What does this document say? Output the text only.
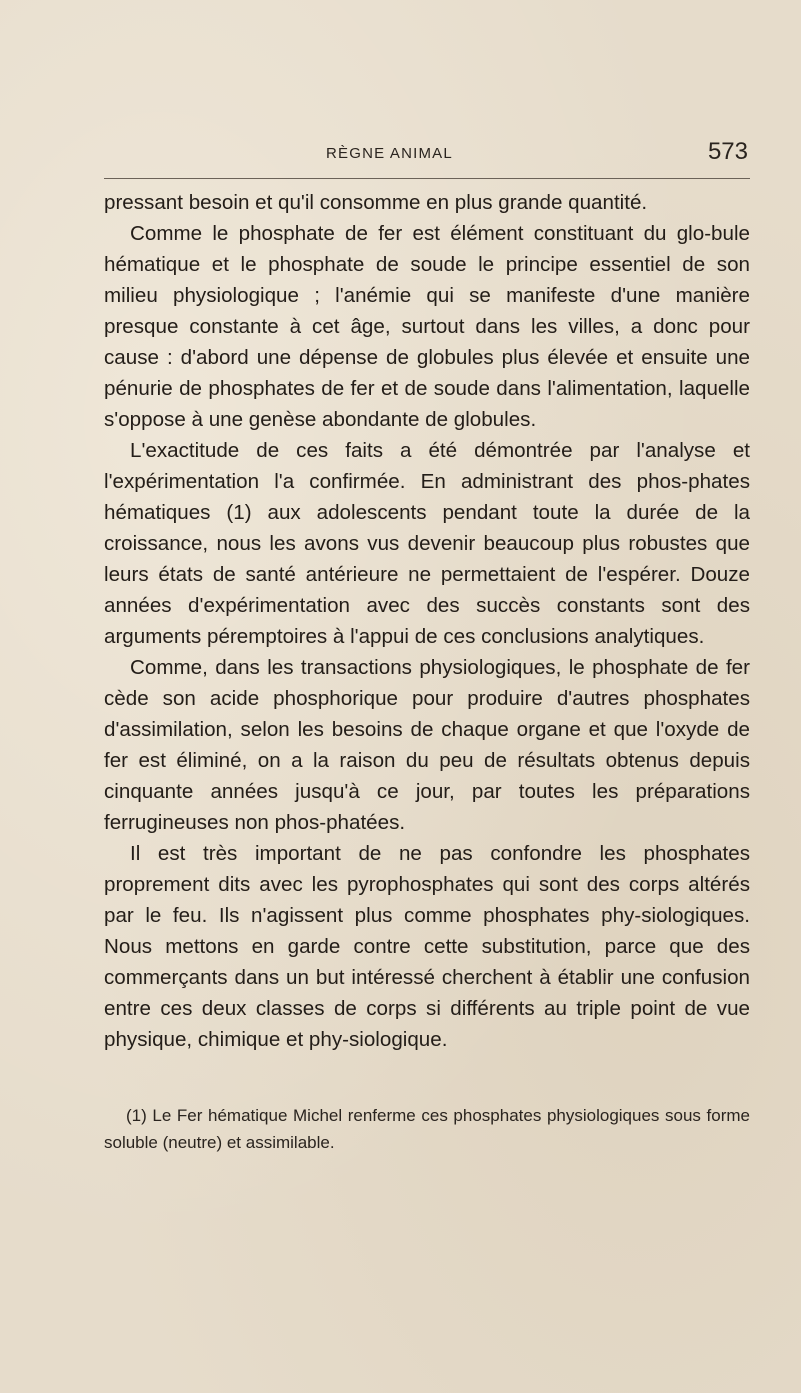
RÈGNE ANIMAL	573

pressant besoin et qu'il consomme en plus grande quantité.

Comme le phosphate de fer est élément constituant du glo-bule hématique et le phosphate de soude le principe essentiel de son milieu physiologique ; l'anémie qui se manifeste d'une manière presque constante à cet âge, surtout dans les villes, a donc pour cause : d'abord une dépense de globules plus élevée et ensuite une pénurie de phosphates de fer et de soude dans l'alimentation, laquelle s'oppose à une genèse abondante de globules.

L'exactitude de ces faits a été démontrée par l'analyse et l'expérimentation l'a confirmée. En administrant des phos-phates hématiques (1) aux adolescents pendant toute la durée de la croissance, nous les avons vus devenir beaucoup plus robustes que leurs états de santé antérieure ne permettaient de l'espérer. Douze années d'expérimentation avec des succès constants sont des arguments péremptoires à l'appui de ces conclusions analytiques.

Comme, dans les transactions physiologiques, le phosphate de fer cède son acide phosphorique pour produire d'autres phosphates d'assimilation, selon les besoins de chaque organe et que l'oxyde de fer est éliminé, on a la raison du peu de résultats obtenus depuis cinquante années jusqu'à ce jour, par toutes les préparations ferrugineuses non phos-phatées.

Il est très important de ne pas confondre les phosphates proprement dits avec les pyrophosphates qui sont des corps altérés par le feu. Ils n'agissent plus comme phosphates phy-siologiques. Nous mettons en garde contre cette substitution, parce que des commerçants dans un but intéressé cherchent à établir une confusion entre ces deux classes de corps si différents au triple point de vue physique, chimique et phy-siologique.

(1) Le Fer hématique Michel renferme ces phosphates physiologiques sous forme soluble (neutre) et assimilable.
